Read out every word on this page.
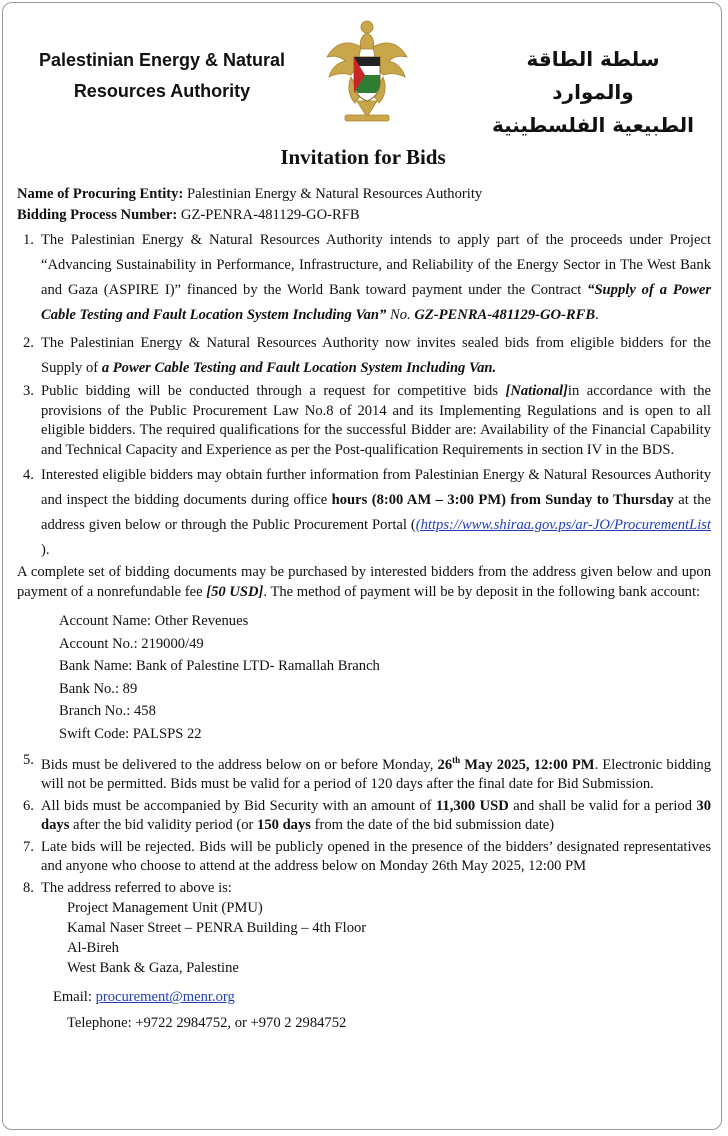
Palestinian Energy & Natural
Resources Authority
سلطة الطاقة والموارد
الطبيعية الفلسطينية
Invitation for Bids

Name of Procuring Entity: Palestinian Energy & Natural Resources Authority

Bidding Process Number: GZ-PENRA-481129-GO-RFB

1. The Palestinian Energy & Natural Resources Authority intends to apply part of the proceeds under Project “Advancing Sustainability in Performance, Infrastructure, and Reliability of the Energy Sector in The West Bank and Gaza (ASPIRE I)” financed by the World Bank toward payment under the Contract “Supply of a Power Cable Testing and Fault Location System Including Van” No. GZ-PENRA-481129-GO-RFB.

2. The Palestinian Energy & Natural Resources Authority now invites sealed bids from eligible bidders for the Supply of a Power Cable Testing and Fault Location System Including Van.

3. Public bidding will be conducted through a request for competitive bids [National]in accordance with the provisions of the Public Procurement Law No.8 of 2014 and its Implementing Regulations and is open to all eligible bidders. The required qualifications for the successful Bidder are: Availability of the Financial Capability and Technical Capacity and Experience as per the Post-qualification Requirements in section IV in the BDS.

4. Interested eligible bidders may obtain further information from Palestinian Energy & Natural Resources Authority and inspect the bidding documents during office hours (8:00 AM – 3:00 PM) from Sunday to Thursday at the address given below or through the Public Procurement Portal ((https://www.shiraa.gov.ps/ar-JO/ProcurementList ).

A complete set of bidding documents may be purchased by interested bidders from the address given below and upon payment of a nonrefundable fee [50 USD]. The method of payment will be by deposit in the following bank account:

Account Name: Other Revenues
Account No.: 219000/49
Bank Name: Bank of Palestine LTD- Ramallah Branch
Bank No.: 89
Branch No.: 458
Swift Code: PALSPS 22

5. Bids must be delivered to the address below on or before Monday, 26th May 2025, 12:00 PM. Electronic bidding will not be permitted. Bids must be valid for a period of 120 days after the final date for Bid Submission.

6. All bids must be accompanied by Bid Security with an amount of 11,300 USD and shall be valid for a period 30 days after the bid validity period (or 150 days from the date of the bid submission date)

7. Late bids will be rejected. Bids will be publicly opened in the presence of the bidders’ designated representatives and anyone who choose to attend at the address below on Monday 26th May 2025, 12:00 PM

8. The address referred to above is:

Project Management Unit (PMU)
Kamal Naser Street – PENRA Building – 4th Floor
Al-Bireh
West Bank & Gaza, Palestine
Email: procurement@menr.org
Telephone: +9722 2984752, or +970 2 2984752
